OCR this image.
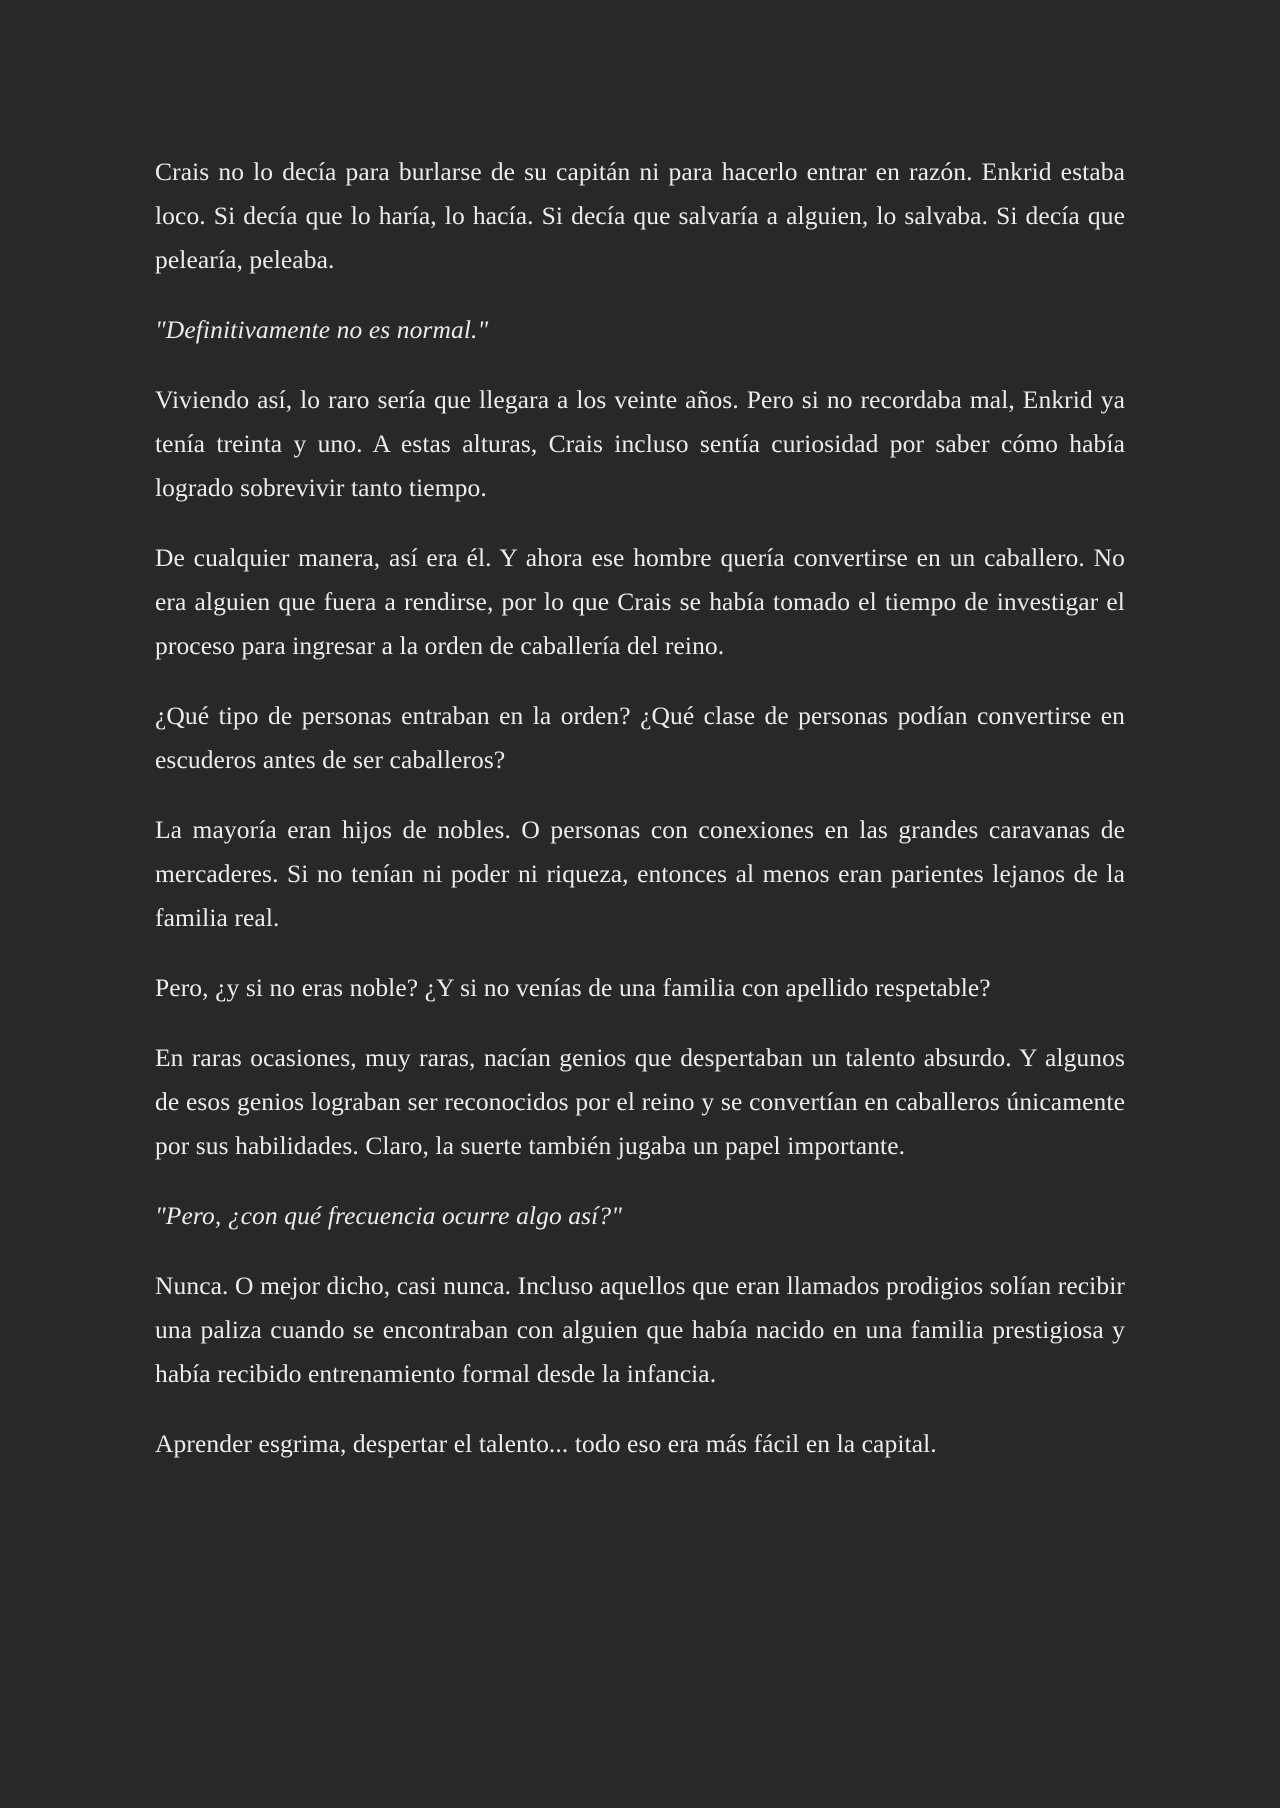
Crais no lo decía para burlarse de su capitán ni para hacerlo entrar en razón. Enkrid estaba loco. Si decía que lo haría, lo hacía. Si decía que salvaría a alguien, lo salvaba. Si decía que pelearía, peleaba.

"Definitivamente no es normal."

Viviendo así, lo raro sería que llegara a los veinte años. Pero si no recordaba mal, Enkrid ya tenía treinta y uno. A estas alturas, Crais incluso sentía curiosidad por saber cómo había logrado sobrevivir tanto tiempo.

De cualquier manera, así era él. Y ahora ese hombre quería convertirse en un caballero. No era alguien que fuera a rendirse, por lo que Crais se había tomado el tiempo de investigar el proceso para ingresar a la orden de caballería del reino.

¿Qué tipo de personas entraban en la orden? ¿Qué clase de personas podían convertirse en escuderos antes de ser caballeros?

La mayoría eran hijos de nobles. O personas con conexiones en las grandes caravanas de mercaderes. Si no tenían ni poder ni riqueza, entonces al menos eran parientes lejanos de la familia real.

Pero, ¿y si no eras noble? ¿Y si no venías de una familia con apellido respetable?

En raras ocasiones, muy raras, nacían genios que despertaban un talento absurdo. Y algunos de esos genios lograban ser reconocidos por el reino y se convertían en caballeros únicamente por sus habilidades. Claro, la suerte también jugaba un papel importante.

"Pero, ¿con qué frecuencia ocurre algo así?"

Nunca. O mejor dicho, casi nunca. Incluso aquellos que eran llamados prodigios solían recibir una paliza cuando se encontraban con alguien que había nacido en una familia prestigiosa y había recibido entrenamiento formal desde la infancia.

Aprender esgrima, despertar el talento... todo eso era más fácil en la capital.
